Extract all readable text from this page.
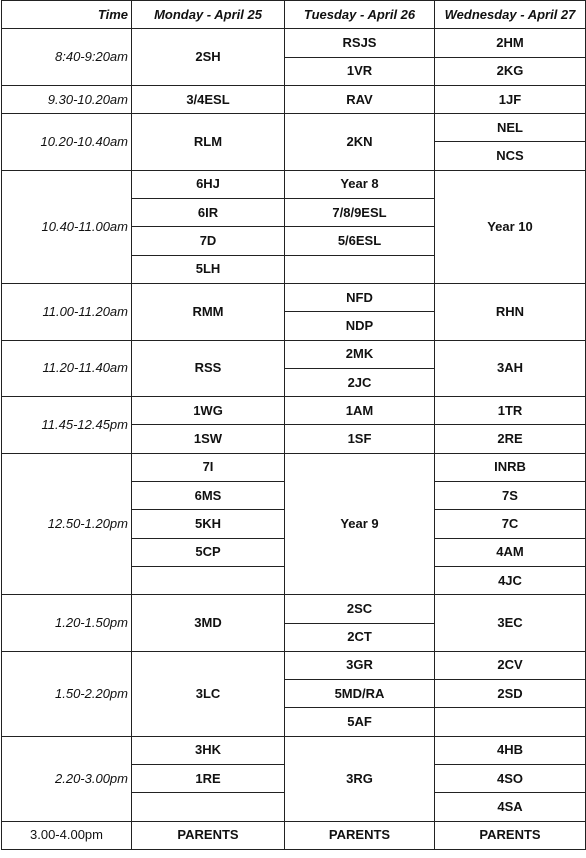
Time	Monday - April 25	Tuesday - April 26	Wednesday - April 27
8:40-9:20am	2SH	RSJS	2HM
		1VR	2KG
9.30-10.20am	3/4ESL	RAV	1JF
10.20-10.40am	RLM	2KN	NEL
			NCS
10.40-11.00am	6HJ	Year 8	Year 10
	6IR	7/8/9ESL	
	7D	5/6ESL	
	5LH		
11.00-11.20am	RMM	NFD	RHN
		NDP	
11.20-11.40am	RSS	2MK	3AH
		2JC	
11.45-12.45pm	1WG	1AM	1TR
	1SW	1SF	2RE
12.50-1.20pm	7I	Year 9	INRB
	6MS		7S
	5KH		7C
	5CP		4AM
			4JC
1.20-1.50pm	3MD	2SC	3EC
		2CT	
1.50-2.20pm	3LC	3GR	2CV
		5MD/RA	2SD
		5AF	
2.20-3.00pm	3HK	3RG	4HB
	1RE		4SO
			4SA
3.00-4.00pm	PARENTS	PARENTS	PARENTS
